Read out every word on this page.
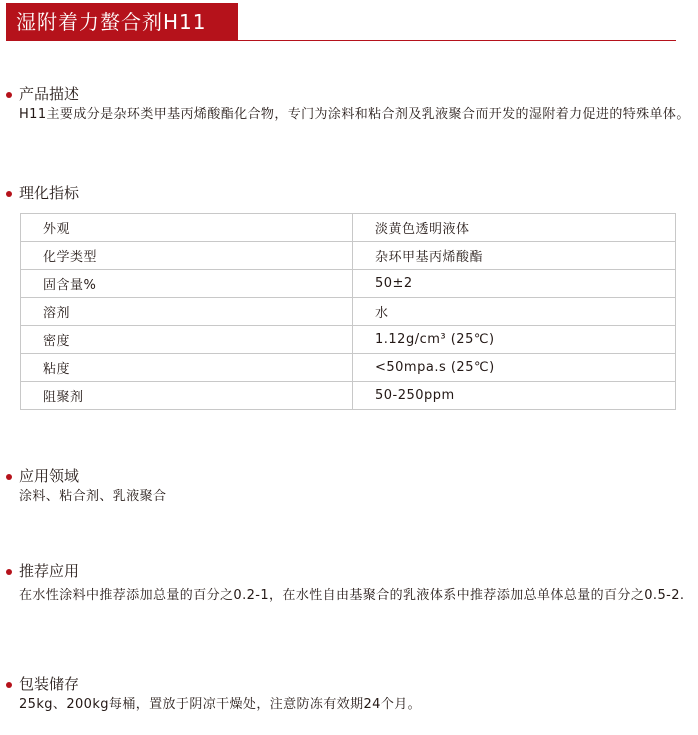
湿附着力螯合剂H11
产品描述
H11主要成分是杂环类甲基丙烯酸酯化合物，专门为涂料和粘合剂及乳液聚合而开发的湿附着力促进的特殊单体。
理化指标
外观	淡黄色透明液体
化学类型	杂环甲基丙烯酸酯
固含量%	50±2
溶剂	水
密度	1.12g/cm³ (25℃)
粘度	<50mpa.s (25℃)
阻聚剂	50-250ppm
应用领域
涂料、粘合剂、乳液聚合
推荐应用
在水性涂料中推荐添加总量的百分之0.2-1，在水性自由基聚合的乳液体系中推荐添加总单体总量的百分之0.5-2.
包装储存
25kg、200kg每桶，置放于阴凉干燥处，注意防冻有效期24个月。
